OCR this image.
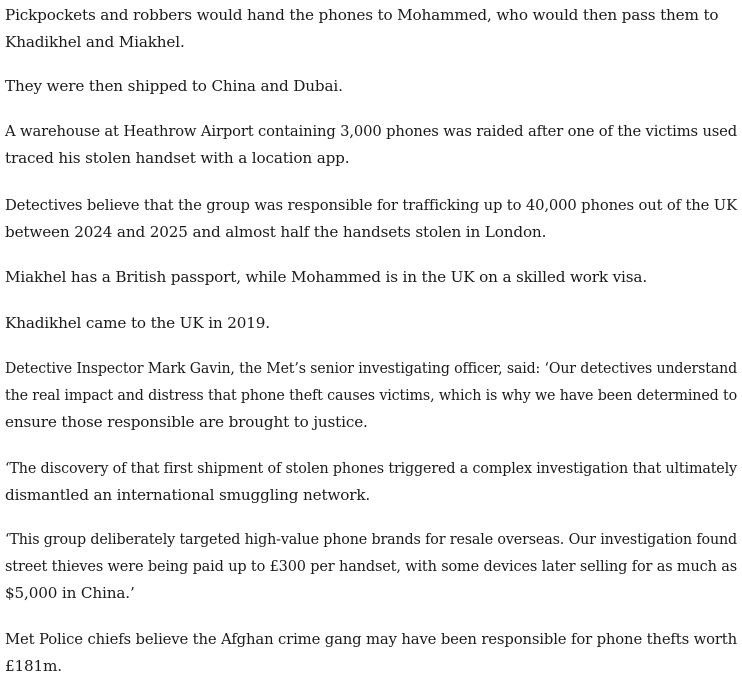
Pickpockets and robbers would hand the phones to Mohammed, who would then pass them to
Khadikhel and Miakhel.

They were then shipped to China and Dubai.

A warehouse at Heathrow Airport containing 3,000 phones was raided after one of the victims used
traced his stolen handset with a location app.

Detectives believe that the group was responsible for trafficking up to 40,000 phones out of the UK
between 2024 and 2025 and almost half the handsets stolen in London.

Miakhel has a British passport, while Mohammed is in the UK on a skilled work visa.

Khadikhel came to the UK in 2019.

Detective Inspector Mark Gavin, the Met’s senior investigating officer, said: ‘Our detectives understand
the real impact and distress that phone theft causes victims, which is why we have been determined to
ensure those responsible are brought to justice.

‘The discovery of that first shipment of stolen phones triggered a complex investigation that ultimately
dismantled an international smuggling network.

‘This group deliberately targeted high-value phone brands for resale overseas. Our investigation found
street thieves were being paid up to £300 per handset, with some devices later selling for as much as
$5,000 in China.’

Met Police chiefs believe the Afghan crime gang may have been responsible for phone thefts worth
£181m.
